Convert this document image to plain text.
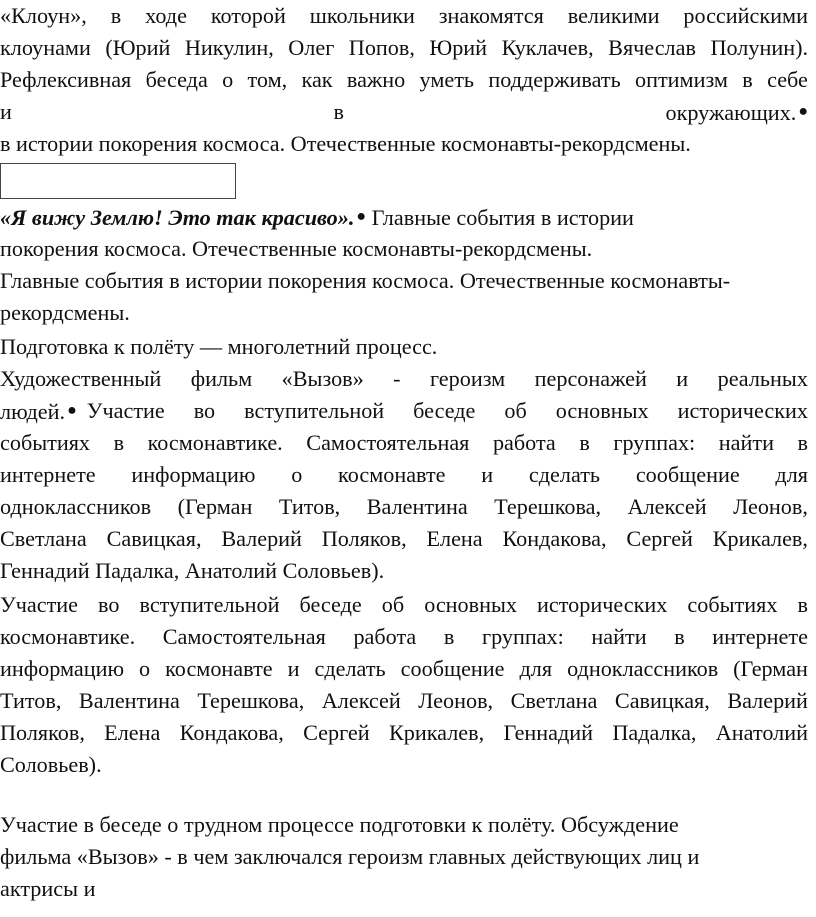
«Клоун», в ходе которой школьники знакомятся великими российскими
клоунами (Юрий Никулин, Олег Попов, Юрий Куклачев, Вячеслав Полунин).
Рефлексивная беседа о том, как важно уметь поддерживать оптимизм в себе
и	в	окружающих. ●
в истории покорения космоса. Отечественные космонавты-рекордсмены.
«Я вижу Землю! Это так красиво». ● Главные события в истории
покорения космоса. Отечественные космонавты-рекордсмены.
Главные события в истории покорения космоса. Отечественные космонавты-
рекордсмены.
Подготовка к полёту — многолетний процесс.
Художественный фильм «Вызов» - героизм персонажей и реальных
людей. ● Участие во вступительной беседе об основных исторических
событиях в космонавтике. Самостоятельная работа в группах: найти в
интернете информацию о космонавте и сделать сообщение для
одноклассников (Герман Титов, Валентина Терешкова, Алексей Леонов,
Светлана Савицкая, Валерий Поляков, Елена Кондакова, Сергей Крикалев,
Геннадий Падалка, Анатолий Соловьев).
Участие во вступительной беседе об основных исторических событиях в
космонавтике. Самостоятельная работа в группах: найти в интернете
информацию о космонавте и сделать сообщение для одноклассников (Герман
Титов, Валентина Терешкова, Алексей Леонов, Светлана Савицкая, Валерий
Поляков, Елена Кондакова, Сергей Крикалев, Геннадий Падалка, Анатолий
Соловьев).
Участие в беседе о трудном процессе подготовки к полёту. Обсуждение
фильма «Вызов» - в чем заключался героизм главных действующих лиц и
актрисы и
